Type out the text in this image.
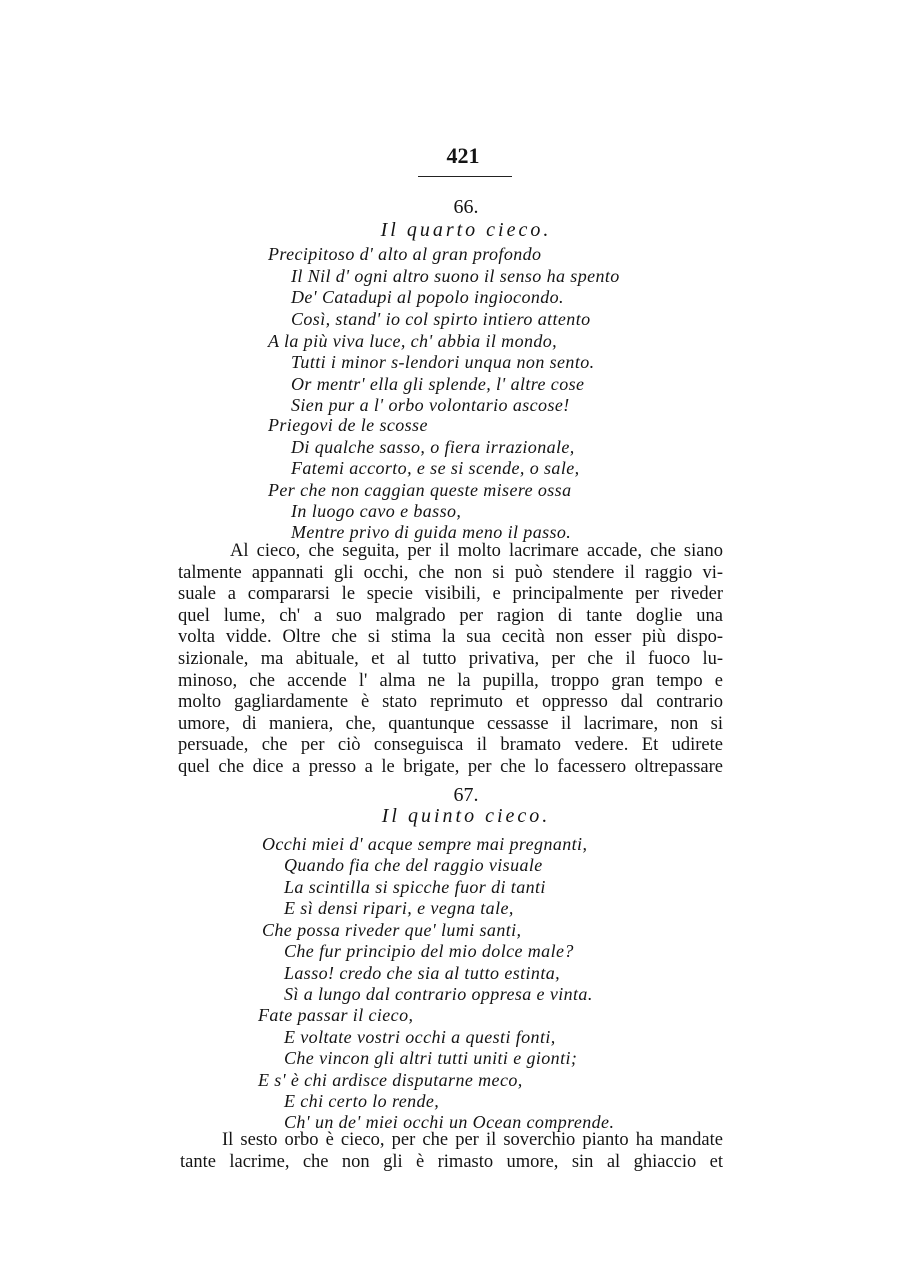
421
66.
Il quarto cieco.
Precipitoso d' alto al gran profondo
Il Nil d' ogni altro suono il senso ha spento
De' Catadupi al popolo ingiocondo.
Così, stand' io col spirto intiero attento
A la più viva luce, ch' abbia il mondo,
Tutti i minor s-lendori unqua non sento.
Or mentr' ella gli splende, l' altre cose
Sien pur a l' orbo volontario ascose!
Priegovi de le scosse
Di qualche sasso, o fiera irrazionale,
Fatemi accorto, e se si scende, o sale,
Per che non caggian queste misere ossa
In luogo cavo e basso,
Mentre privo di guida meno il passo.
Al cieco, che seguita, per il molto lacrimare accade, che siano
talmente appannati gli occhi, che non si può stendere il raggio vi-
suale a compararsi le specie visibili, e principalmente per riveder
quel lume, ch' a suo malgrado per ragion di tante doglie una
volta vidde. Oltre che si stima la sua cecità non esser più dispo-
sizionale, ma abituale, et al tutto privativa, per che il fuoco lu-
minoso, che accende l' alma ne la pupilla, troppo gran tempo e
molto gagliardamente è stato reprimuto et oppresso dal contrario
umore, di maniera, che, quantunque cessasse il lacrimare, non si
persuade, che per ciò conseguisca il bramato vedere. Et udirete
quel che dice a presso a le brigate, per che lo facessero oltrepassare
67.
Il quinto cieco.
Occhi miei d' acque sempre mai pregnanti,
Quando fia che del raggio visuale
La scintilla si spicche fuor di tanti
E sì densi ripari, e vegna tale,
Che possa riveder que' lumi santi,
Che fur principio del mio dolce male?
Lasso! credo che sia al tutto estinta,
Sì a lungo dal contrario oppresa e vinta.
Fate passar il cieco,
E voltate vostri occhi a questi fonti,
Che vincon gli altri tutti uniti e gionti;
E s' è chi ardisce disputarne meco,
E chi certo lo rende,
Ch' un de' miei occhi un Ocean comprende.
Il sesto orbo è cieco, per che per il soverchio pianto ha mandate
tante lacrime, che non gli è rimasto umore, sin al ghiaccio et
